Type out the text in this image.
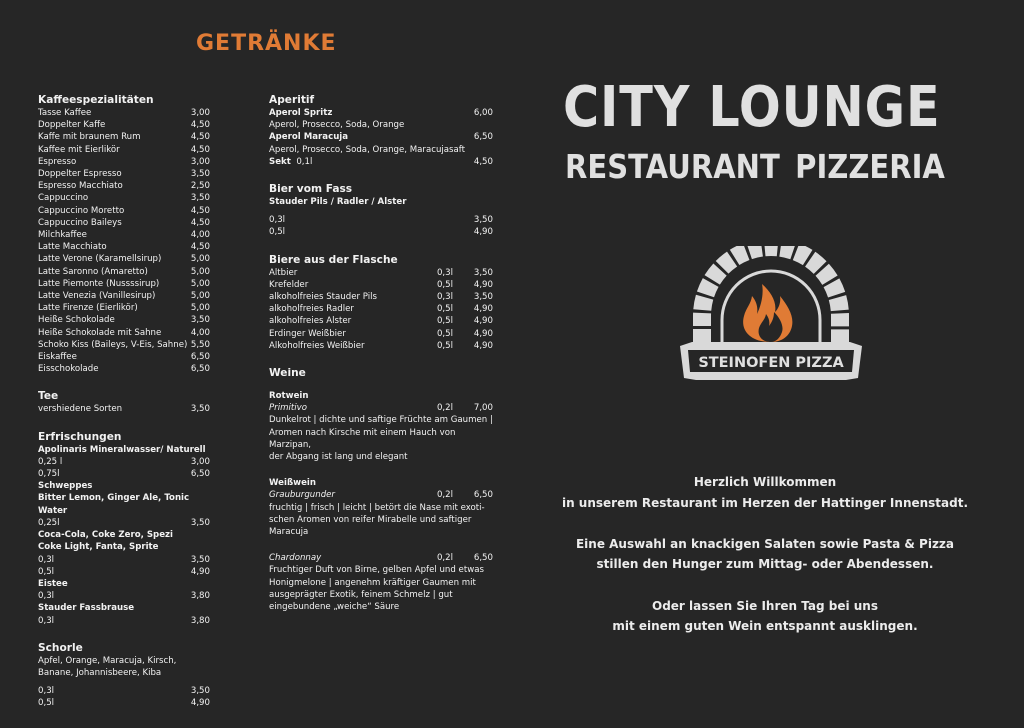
GETRÄNKE
Kaffeespezialitäten
Tasse Kaffee	3,00
Doppelter Kaffe	4,50
Kaffe mit braunem Rum	4,50
Kaffee mit Eierlikör	4,50
Espresso	3,00
Doppelter Espresso	3,50
Espresso Macchiato	2,50
Cappuccino	3,50
Cappuccino Moretto	4,50
Cappuccino Baileys	4,50
Milchkaffee	4,00
Latte Macchiato	4,50
Latte Verone (Karamellsirup)	5,00
Latte Saronno (Amaretto)	5,00
Latte Piemonte (Nussssirup)	5,00
Latte Venezia (Vanillesirup)	5,00
Latte Firenze (Eierlikör)	5,00
Heiße Schokolade	3,50
Heiße Schokolade mit Sahne	4,00
Schoko Kiss (Baileys, V-Eis, Sahne) 5,50
Eiskaffee	6,50
Eisschokolade	6,50
Tee
vershiedene Sorten	3,50
Erfrischungen
Apolinaris Mineralwasser/ Naturell
0,25 l	3,00
0,75l	6,50
Schweppes
Bitter Lemon, Ginger Ale, Tonic Water
0,25l	3,50
Coca-Cola, Coke Zero, Spezi
Coke Light, Fanta, Sprite
0,3l	3,50
0,5l	4,90
Eistee
0,3l	3,80
Stauder Fassbrause
0,3l	3,80
Schorle
Apfel, Orange, Maracuja, Kirsch,
Banane, Johannisbeere, Kiba
0,3l	3,50
0,5l	4,90
Aperitif
Aperol Spritz	6,00
Aperol, Prosecco, Soda, Orange
Aperol Maracuja	6,50
Aperol, Prosecco, Soda, Orange, Maracujasaft
Sekt 0,1l	4,50
Bier vom Fass
Stauder Pils / Radler / Alster
0,3l	3,50
0,5l	4,90
Biere aus der Flasche
Altbier	0,3l	3,50
Krefelder	0,5l	4,90
alkoholfreies Stauder Pils	0,3l	3,50
alkoholfreies Radler	0,5l	4,90
alkoholfreies Alster	0,5l	4,90
Erdinger Weißbier	0,5l	4,90
Alkoholfreies Weißbier	0,5l	4,90
Weine
Rotwein
Primitivo	0,2l	7,00
Dunkelrot | dichte und saftige Früchte am Gaumen |
Aromen nach Kirsche mit einem Hauch von Marzipan,
der Abgang ist lang und elegant
Weißwein
Grauburgunder	0,2l	6,50
fruchtig | frisch | leicht | betört die Nase mit exoti-
schen Aromen von reifer Mirabelle und saftiger
Maracuja
Chardonnay	0,2l	6,50
Fruchtiger Duft von Birne, gelben Apfel und etwas
Honigmelone | angenehm kräftiger Gaumen mit
ausgeprägter Exotik, feinem Schmelz | gut
eingebundene „weiche“ Säure
CITY LOUNGE
RESTAURANT PIZZERIA
STEINOFEN PIZZA

Herzlich Willkommen
in unserem Restaurant im Herzen der Hattinger Innenstadt.

Eine Auswahl an knackigen Salaten sowie Pasta & Pizza
stillen den Hunger zum Mittag- oder Abendessen.

Oder lassen Sie Ihren Tag bei uns
mit einem guten Wein entspannt ausklingen.
